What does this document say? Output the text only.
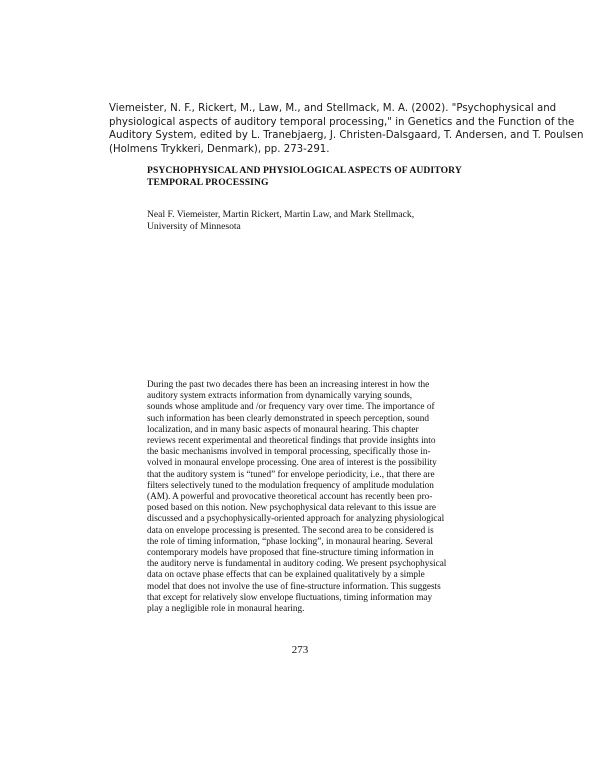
Viemeister, N. F., Rickert, M., Law, M., and Stellmack, M. A. (2002). "Psychophysical and
physiological aspects of auditory temporal processing," in Genetics and the Function of the
Auditory System, edited by L. Tranebjaerg, J. Christen-Dalsgaard, T. Andersen, and T. Poulsen
(Holmens Trykkeri, Denmark), pp. 273-291.
PSYCHOPHYSICAL AND PHYSIOLOGICAL ASPECTS OF AUDITORY
TEMPORAL PROCESSING
Neal F. Viemeister, Martin Rickert, Martin Law, and Mark Stellmack,
University of Minnesota
During the past two decades there has been an increasing interest in how the
auditory system extracts information from dynamically varying sounds,
sounds whose amplitude and /or frequency vary over time. The importance of
such information has been clearly demonstrated in speech perception, sound
localization, and in many basic aspects of monaural hearing. This chapter
reviews recent experimental and theoretical findings that provide insights into
the basic mechanisms involved in temporal processing, specifically those in-
volved in monaural envelope processing. One area of interest is the possibility
that the auditory system is “tuned” for envelope periodicity, i.e., that there are
filters selectively tuned to the modulation frequency of amplitude modulation
(AM). A powerful and provocative theoretical account has recently been pro-
posed based on this notion. New psychophysical data relevant to this issue are
discussed and a psychophysically-oriented approach for analyzing physiological
data on envelope processing is presented. The second area to be considered is
the role of timing information, “phase locking”, in monaural hearing. Several
contemporary models have proposed that fine-structure timing information in
the auditory nerve is fundamental in auditory coding. We present psychophysical
data on octave phase effects that can be explained qualitatively by a simple
model that does not involve the use of fine-structure information. This suggests
that except for relatively slow envelope fluctuations, timing information may
play a negligible role in monaural hearing.
273
